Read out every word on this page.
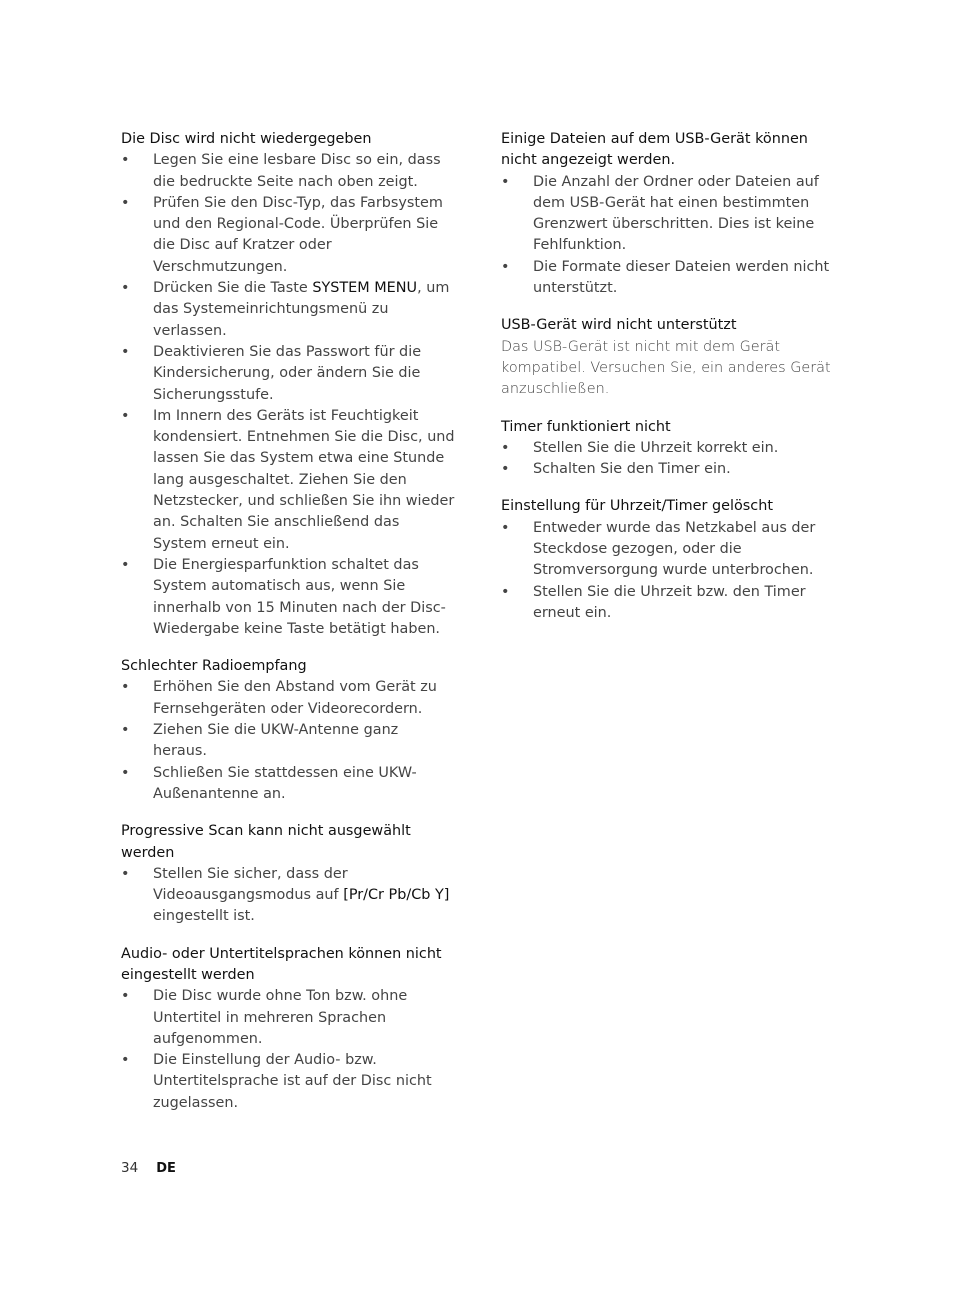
Die Disc wird nicht wiedergegeben

• Legen Sie eine lesbare Disc so ein, dass die bedruckte Seite nach oben zeigt.
• Prüfen Sie den Disc-Typ, das Farbsystem und den Regional-Code. Überprüfen Sie die Disc auf Kratzer oder Verschmutzungen.
• Drücken Sie die Taste SYSTEM MENU, um das Systemeinrichtungsmenü zu verlassen.
• Deaktivieren Sie das Passwort für die Kindersicherung, oder ändern Sie die Sicherungsstufe.
• Im Innern des Geräts ist Feuchtigkeit kondensiert. Entnehmen Sie die Disc, und lassen Sie das System etwa eine Stunde lang ausgeschaltet. Ziehen Sie den Netzstecker, und schließen Sie ihn wieder an. Schalten Sie anschließend das System erneut ein.
• Die Energiesparfunktion schaltet das System automatisch aus, wenn Sie innerhalb von 15 Minuten nach der Disc-Wiedergabe keine Taste betätigt haben.

Schlechter Radioempfang

• Erhöhen Sie den Abstand vom Gerät zu Fernsehgeräten oder Videorecordern.
• Ziehen Sie die UKW-Antenne ganz heraus.
• Schließen Sie stattdessen eine UKW-Außenantenne an.

Progressive Scan kann nicht ausgewählt werden

• Stellen Sie sicher, dass der Videoausgangsmodus auf [Pr/Cr Pb/Cb Y] eingestellt ist.

Audio- oder Untertitelsprachen können nicht eingestellt werden

• Die Disc wurde ohne Ton bzw. ohne Untertitel in mehreren Sprachen aufgenommen.
• Die Einstellung der Audio- bzw. Untertitelsprache ist auf der Disc nicht zugelassen.

Einige Dateien auf dem USB-Gerät können nicht angezeigt werden.

• Die Anzahl der Ordner oder Dateien auf dem USB-Gerät hat einen bestimmten Grenzwert überschritten. Dies ist keine Fehlfunktion.
• Die Formate dieser Dateien werden nicht unterstützt.

USB-Gerät wird nicht unterstützt

Das USB-Gerät ist nicht mit dem Gerät kompatibel. Versuchen Sie, ein anderes Gerät anzuschließen.

Timer funktioniert nicht

• Stellen Sie die Uhrzeit korrekt ein.
• Schalten Sie den Timer ein.

Einstellung für Uhrzeit/Timer gelöscht

• Entweder wurde das Netzkabel aus der Steckdose gezogen, oder die Stromversorgung wurde unterbrochen.
• Stellen Sie die Uhrzeit bzw. den Timer erneut ein.
34 DE
